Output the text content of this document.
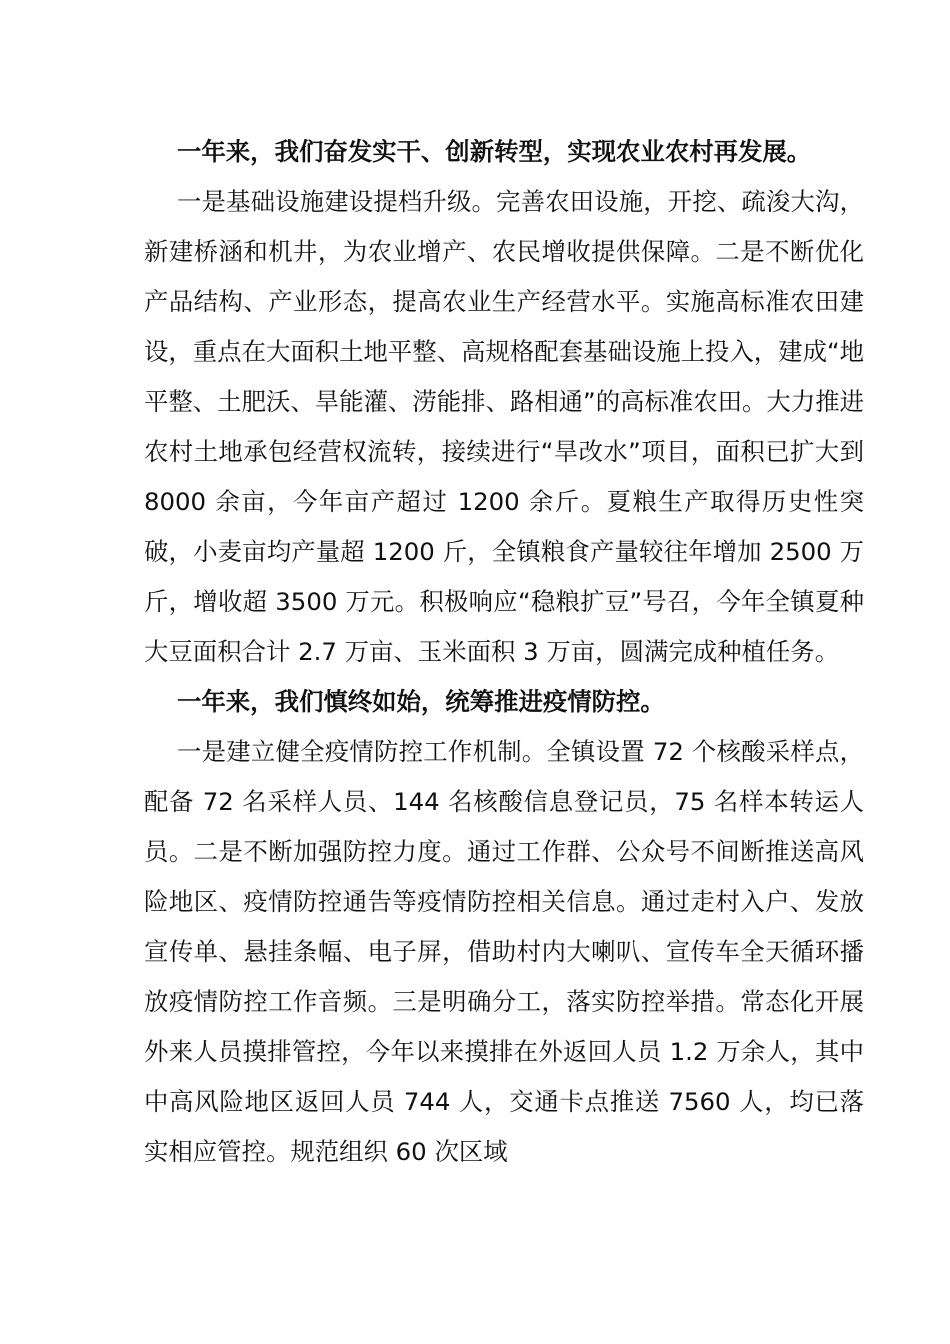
一年来，我们奋发实干、创新转型，实现农业农村再发展。

一是基础设施建设提档升级。完善农田设施，开挖、疏浚大沟，新建桥涵和机井，为农业增产、农民增收提供保障。二是不断优化产品结构、产业形态，提高农业生产经营水平。实施高标准农田建设，重点在大面积土地平整、高规格配套基础设施上投入，建成“地平整、土肥沃、旱能灌、涝能排、路相通”的高标准农田。大力推进农村土地承包经营权流转，接续进行“旱改水”项目，面积已扩大到 8000 余亩，今年亩产超过 1200 余斤。夏粮生产取得历史性突破，小麦亩均产量超 1200 斤，全镇粮食产量较往年增加 2500 万斤，增收超 3500 万元。积极响应“稳粮扩豆”号召，今年全镇夏种大豆面积合计 2.7 万亩、玉米面积 3 万亩，圆满完成种植任务。

一年来，我们慎终如始，统筹推进疫情防控。

一是建立健全疫情防控工作机制。全镇设置 72 个核酸采样点，配备 72 名采样人员、144 名核酸信息登记员，75 名样本转运人员。二是不断加强防控力度。通过工作群、公众号不间断推送高风险地区、疫情防控通告等疫情防控相关信息。通过走村入户、发放宣传单、悬挂条幅、电子屏，借助村内大喇叭、宣传车全天循环播放疫情防控工作音频。三是明确分工，落实防控举措。常态化开展外来人员摸排管控，今年以来摸排在外返回人员 1.2 万余人，其中中高风险地区返回人员 744 人，交通卡点推送 7560 人，均已落实相应管控。规范组织 60 次区域
